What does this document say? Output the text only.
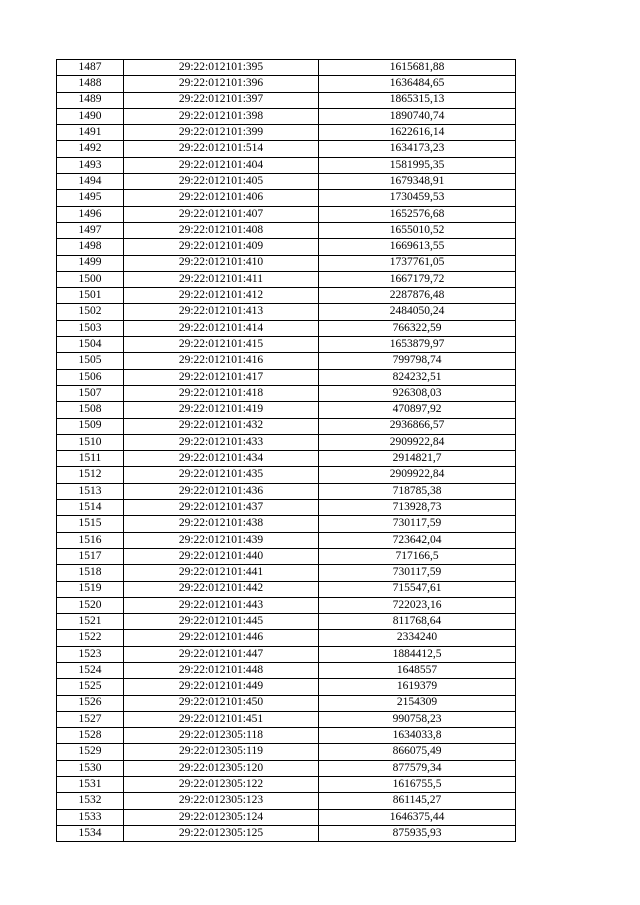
1487	29:22:012101:395	1615681,88
1488	29:22:012101:396	1636484,65
1489	29:22:012101:397	1865315,13
1490	29:22:012101:398	1890740,74
1491	29:22:012101:399	1622616,14
1492	29:22:012101:514	1634173,23
1493	29:22:012101:404	1581995,35
1494	29:22:012101:405	1679348,91
1495	29:22:012101:406	1730459,53
1496	29:22:012101:407	1652576,68
1497	29:22:012101:408	1655010,52
1498	29:22:012101:409	1669613,55
1499	29:22:012101:410	1737761,05
1500	29:22:012101:411	1667179,72
1501	29:22:012101:412	2287876,48
1502	29:22:012101:413	2484050,24
1503	29:22:012101:414	766322,59
1504	29:22:012101:415	1653879,97
1505	29:22:012101:416	799798,74
1506	29:22:012101:417	824232,51
1507	29:22:012101:418	926308,03
1508	29:22:012101:419	470897,92
1509	29:22:012101:432	2936866,57
1510	29:22:012101:433	2909922,84
1511	29:22:012101:434	2914821,7
1512	29:22:012101:435	2909922,84
1513	29:22:012101:436	718785,38
1514	29:22:012101:437	713928,73
1515	29:22:012101:438	730117,59
1516	29:22:012101:439	723642,04
1517	29:22:012101:440	717166,5
1518	29:22:012101:441	730117,59
1519	29:22:012101:442	715547,61
1520	29:22:012101:443	722023,16
1521	29:22:012101:445	811768,64
1522	29:22:012101:446	2334240
1523	29:22:012101:447	1884412,5
1524	29:22:012101:448	1648557
1525	29:22:012101:449	1619379
1526	29:22:012101:450	2154309
1527	29:22:012101:451	990758,23
1528	29:22:012305:118	1634033,8
1529	29:22:012305:119	866075,49
1530	29:22:012305:120	877579,34
1531	29:22:012305:122	1616755,5
1532	29:22:012305:123	861145,27
1533	29:22:012305:124	1646375,44
1534	29:22:012305:125	875935,93
